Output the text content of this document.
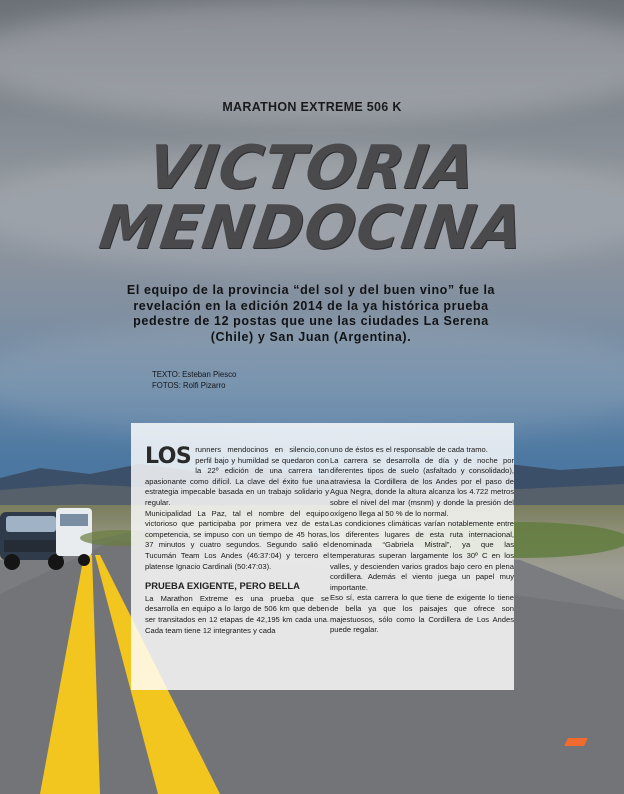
MARATHON EXTREME 506 K
VICTORIA
MENDOCINA
El equipo de la provincia “del sol y del buen vino” fue la revelación en la edición 2014 de la ya histórica prueba pedestre de 12 postas que une las ciudades La Serena (Chile) y San Juan (Argentina).
TEXTO: Esteban Piesco
FOTOS: Rolfi Pizarro

LOS runners mendocinos en silencio,con perfil bajo y humildad se quedaron con la 22º edición de una carrera tan apasionante como difícil. La clave del éxito fue una estrategia impecable basada en un trabajo solidario y regular.

Municipalidad La Paz, tal el nombre del equipo victorioso que participaba por primera vez de esta competencia, se impuso con un tiempo de 45 horas, 37 minutos y cuatro segundos. Segundo salió el Tucumán Team Los Andes (46:37:04) y tercero el platense Ignacio Cardinali (50:47:03).

PRUEBA EXIGENTE, PERO BELLA

La Marathon Extreme es una prueba que se desarrolla en equipo a lo largo de 506 km que deben ser transitados en 12 etapas de 42,195 km cada una. Cada team tiene 12 integrantes y cada

uno de éstos es el responsable de cada tramo.

La carrera se desarrolla de día y de noche por diferentes tipos de suelo (asfaltado y consolidado), atraviesa la Cordillera de los Andes por el paso de Agua Negra, donde la altura alcanza los 4.722 metros sobre el nivel del mar (msnm) y donde la presión del oxígeno llega al 50 % de lo normal.

Las condiciones climáticas varían notablemente entre los diferentes lugares de esta ruta internacional, denominada “Gabriela Mistral”, ya que las temperaturas superan largamente los 30º C en los valles, y descienden varios grados bajo cero en plena cordillera. Además el viento juega un papel muy importante.

Eso sí, esta carrera lo que tiene de exigente lo tiene de bella ya que los paisajes que ofrece son majestuosos, sólo como la Cordillera de Los Andes puede regalar.
